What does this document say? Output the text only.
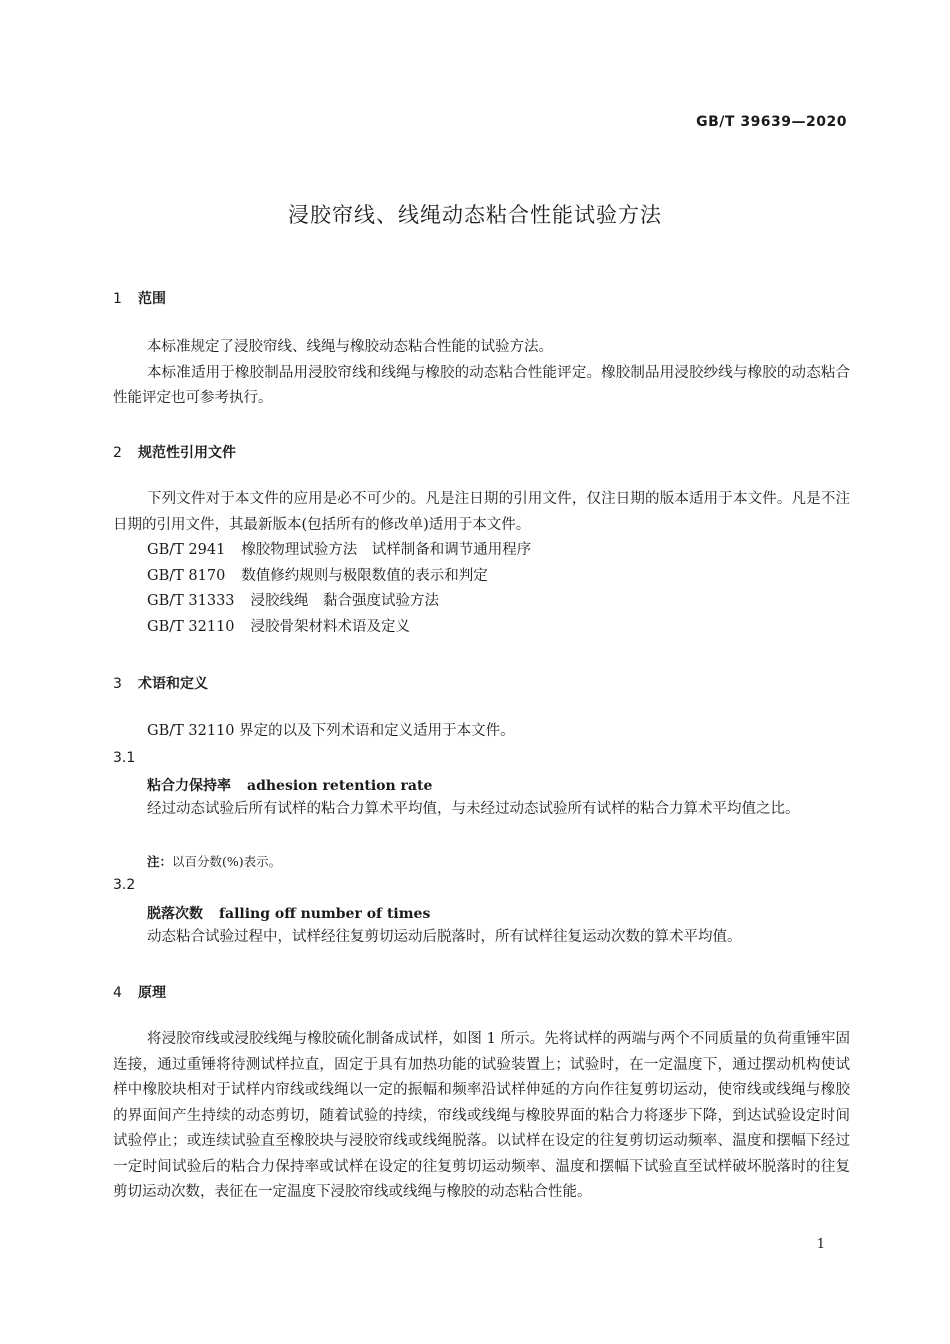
GB/T 39639—2020
浸胶帘线、线绳动态粘合性能试验方法
1 范围

本标准规定了浸胶帘线、线绳与橡胶动态粘合性能的试验方法。

本标准适用于橡胶制品用浸胶帘线和线绳与橡胶的动态粘合性能评定。橡胶制品用浸胶纱线与橡胶的动态粘合性能评定也可参考执行。

2 规范性引用文件

下列文件对于本文件的应用是必不可少的。凡是注日期的引用文件，仅注日期的版本适用于本文件。凡是不注日期的引用文件，其最新版本(包括所有的修改单)适用于本文件。

GB/T 2941 橡胶物理试验方法　试样制备和调节通用程序

GB/T 8170 数值修约规则与极限数值的表示和判定

GB/T 31333 浸胶线绳　黏合强度试验方法

GB/T 32110 浸胶骨架材料术语及定义

3 术语和定义

GB/T 32110 界定的以及下列术语和定义适用于本文件。

3.1
粘合力保持率 adhesion retention rate

经过动态试验后所有试样的粘合力算术平均值，与未经过动态试验所有试样的粘合力算术平均值之比。

注：以百分数(%)表示。
3.2
脱落次数 falling off number of times

动态粘合试验过程中，试样经往复剪切运动后脱落时，所有试样往复运动次数的算术平均值。

4 原理

将浸胶帘线或浸胶线绳与橡胶硫化制备成试样，如图 1 所示。先将试样的两端与两个不同质量的负荷重锤牢固连接，通过重锤将待测试样拉直，固定于具有加热功能的试验装置上；试验时，在一定温度下，通过摆动机构使试样中橡胶块相对于试样内帘线或线绳以一定的振幅和频率沿试样伸延的方向作往复剪切运动，使帘线或线绳与橡胶的界面间产生持续的动态剪切，随着试验的持续，帘线或线绳与橡胶界面的粘合力将逐步下降，到达试验设定时间试验停止；或连续试验直至橡胶块与浸胶帘线或线绳脱落。以试样在设定的往复剪切运动频率、温度和摆幅下经过一定时间试验后的粘合力保持率或试样在设定的往复剪切运动频率、温度和摆幅下试验直至试样破坏脱落时的往复剪切运动次数，表征在一定温度下浸胶帘线或线绳与橡胶的动态粘合性能。

1
